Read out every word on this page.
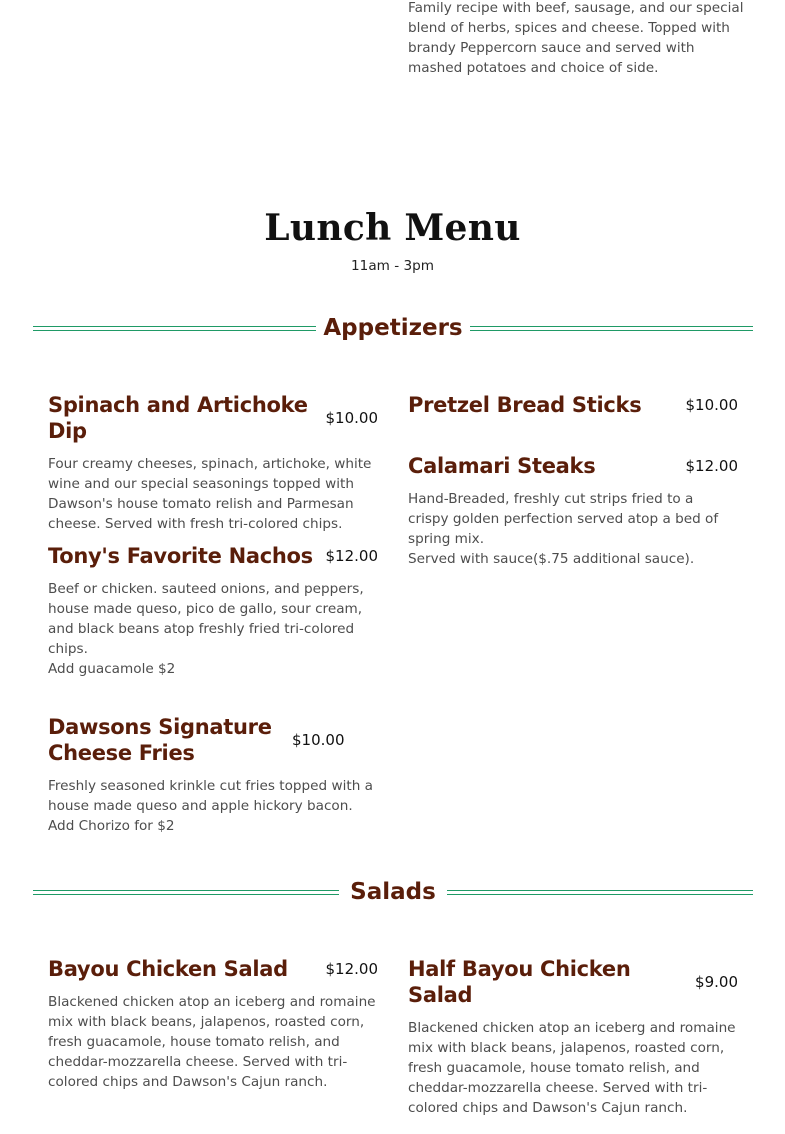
Family recipe with beef, sausage, and our special blend of herbs, spices and cheese. Topped with brandy Peppercorn sauce and served with mashed potatoes and choice of side.

Lunch Menu
11am - 3pm
Appetizers
Spinach and Artichoke Dip
$10.00

Four creamy cheeses, spinach, artichoke, white wine and our special seasonings topped with Dawson's house tomato relish and Parmesan cheese. Served with fresh tri-colored chips.

Pretzel Bread Sticks	$10.00
Calamari Steaks	$12.00

Hand-Breaded, freshly cut strips fried to a crispy golden perfection served atop a bed of spring mix.

Served with sauce($.75 additional sauce).

Tony's Favorite Nachos $12.00

Beef or chicken. sauteed onions, and peppers, house made queso, pico de gallo, sour cream, and black beans atop freshly fried tri-colored chips.

Add guacamole $2

Dawsons Signature Cheese Fries
$10.00

Freshly seasoned krinkle cut fries topped with a house made queso and apple hickory bacon.

Add Chorizo for $2

Salads
Bayou Chicken Salad	$12.00

Blackened chicken atop an iceberg and romaine mix with black beans, jalapenos, roasted corn, fresh guacamole, house tomato relish, and cheddar-mozzarella cheese. Served with tri-colored chips and Dawson's Cajun ranch.

Half Bayou Chicken Salad
$9.00

Blackened chicken atop an iceberg and romaine mix with black beans, jalapenos, roasted corn, fresh guacamole, house tomato relish, and cheddar-mozzarella cheese. Served with tri-colored chips and Dawson's Cajun ranch.
